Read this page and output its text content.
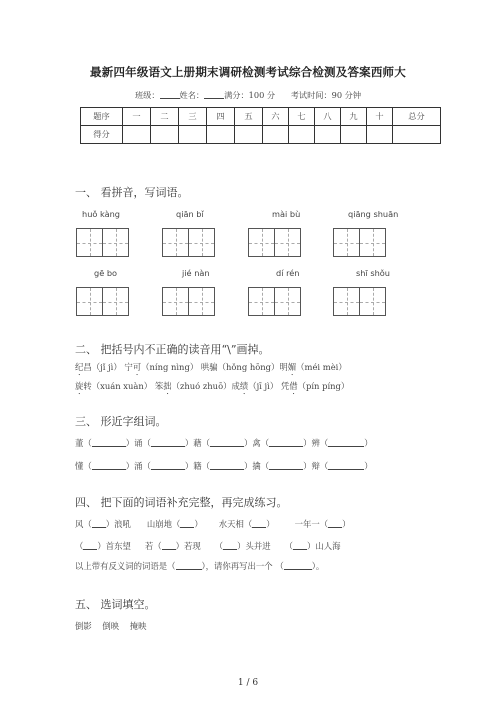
最新四年级语文上册期末调研检测考试综合检测及答案西师大
班级： 姓名： 满分：100 分 考试时间：90 分钟
题序	一	二	三	四	五	六	七	八	九	十	总分
得分											
一、 看拼音，写词语。
huǒ kàng	qiān bǐ	mài bù	qiāng shuān
gē bo	jié nàn	dí rén	shī shǒu
二、 把括号内不正确的读音用“\”画掉。
纪昌（jǐ jì） 宁可（níng nìng） 哄骗（hǒng hōng）明媚（méi mèi）
旋转（xuán xuàn） 笨拙（zhuó zhuō）成绩（jī jì） 凭借（pín píng）
三、 形近字组词。
董（	）诵（	）藉（	）禽（	）辨（	）
懂（	）涌（	）籍（	）擒（	）辩（	）
四、 把下面的词语补充完整，再完成练习。
风（ ）浪吼 山崩地（ ） 水天相（ ） 一年一（ ）
（ ）首东望 若（ ）若现 （ ）头并进 （ ）山人海
以上带有反义词的词语是（	），请你再写出一个 （	）。
五、 选词填空。
倒影    倒映    掩映
1 / 6
